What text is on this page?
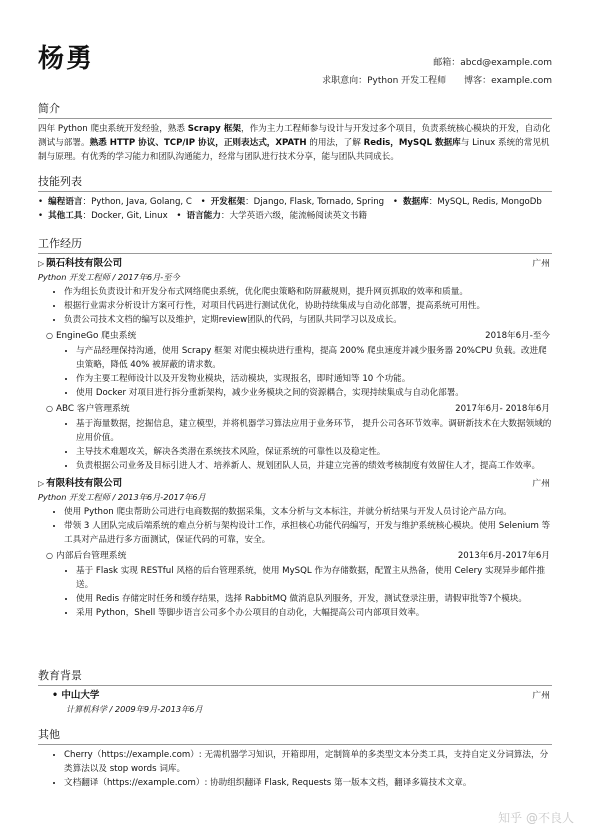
杨勇	邮箱：abcd@example.com
求职意向：Python 开发工程师 博客：example.com
简介
四年 Python 爬虫系统开发经验，熟悉 Scrapy 框架，作为主力工程师参与设计与开发过多个项目，负责系统核心模块的开发，自动化测试与部署。熟悉 HTTP 协议、TCP/IP 协议，正则表达式，XPATH 的用法，了解 Redis，MySQL 数据库与 Linux 系统的常见机制与原理。有优秀的学习能力和团队沟通能力，经常与团队进行技术分享，能与团队共同成长。
技能列表
• 编程语言：Python, Java, Golang, C • 开发框架：Django, Flask, Tornado, Spring • 数据库：MySQL, Redis, MongoDb
• 其他工具：Docker, Git, Linux • 语言能力：大学英语六级，能流畅阅读英文书籍
工作经历
▷ 陨石科技有限公司	广州
Python 开发工程师 / 2017年6月-至今
• 作为组长负责设计和开发分布式网络爬虫系统，优化爬虫策略和防屏蔽规则，提升网页抓取的效率和质量。
• 根据行业需求分析设计方案可行性，对项目代码进行测试优化，协助持续集成与自动化部署，提高系统可用性。
• 负责公司技术文档的编写以及维护，定期review团队的代码，与团队共同学习以及成长。
○ EngineGo 爬虫系统	2018年6月-至今
• 与产品经理保持沟通，使用 Scrapy 框架 对爬虫模块进行重构，提高 200% 爬虫速度并减少服务器 20%CPU 负载。改进爬虫策略，降低 40% 被屏蔽的请求数。
• 作为主要工程师设计以及开发物业模块，活动模块，实现报名，即时通知等 10 个功能。
• 使用 Docker 对项目进行拆分重新架构，减少业务模块之间的资源耦合，实现持续集成与自动化部署。
○ ABC 客户管理系统	2017年6月- 2018年6月
• 基于海量数据，挖掘信息，建立模型，并将机器学习算法应用于业务环节， 提升公司各环节效率。调研新技术在大数据领域的应用价值。
• 主导技术难题攻关，解决各类潜在系统技术风险，保证系统的可靠性以及稳定性。
• 负责根据公司业务及目标引进人才、培养新人、规划团队人员，并建立完善的绩效考核制度有效留住人才，提高工作效率。
▷ 有限科技有限公司	广州
Python 开发工程师 / 2013年6月-2017年6月
• 使用 Python 爬虫帮助公司进行电商数据的数据采集，文本分析与文本标注，并就分析结果与开发人员讨论产品方向。
• 带领 3 人团队完成后端系统的难点分析与架构设计工作，承担核心功能代码编写，开发与维护系统核心模块。使用 Selenium 等工具对产品进行多方面测试，保证代码的可靠，安全。
○ 内部后台管理系统	2013年6月-2017年6月
• 基于 Flask 实现 RESTful 风格的后台管理系统，使用 MySQL 作为存储数据，配置主从热备，使用 Celery 实现异步邮件推送。
• 使用 Redis 存储定时任务和缓存结果，选择 RabbitMQ 做消息队列服务，开发，测试登录注册，请假审批等7个模块。
• 采用 Python，Shell 等脚步语言公司多个办公项目的自动化，大幅提高公司内部项目效率。
教育背景
• 中山大学	广州
计算机科学 / 2009年9月-2013年6月
其他
• Cherry（https://example.com）: 无需机器学习知识，开箱即用，定制简单的多类型文本分类工具，支持自定义分词算法，分类算法以及 stop words 词库。
• 文档翻译（https://example.com）: 协助组织翻译 Flask, Requests 第一版本文档，翻译多篇技术文章。
知乎 @不良人
